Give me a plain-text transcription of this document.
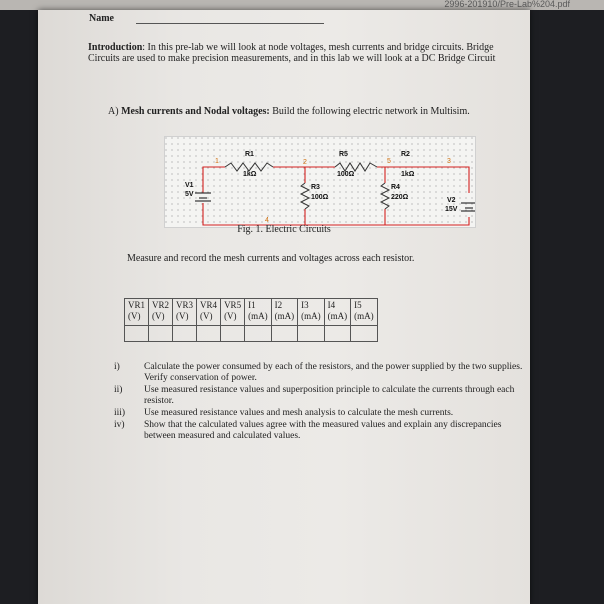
2996-201910/Pre-Lab%204.pdf
Name
Introduction: In this pre-lab we will look at node voltages, mesh currents and bridge circuits. Bridge Circuits are used to make precision measurements, and in this lab we will look at a DC Bridge Circuit
A) Mesh currents and Nodal voltages: Build the following electric network in Multisim.
1	2	5	3
4
R1
1kΩ
R5
100Ω
R2
1kΩ
R3
100Ω
R4
220Ω
V1
5V
V2
15V
Fig. 1. Electric Circuits
Measure and record the mesh currents and voltages across each resistor.
VR1
(V)	VR2
(V)	VR3
(V)	VR4
(V)	VR5
(V)	I1
(mA)	I2
(mA)	I3
(mA)	I4
(mA)	I5
(mA)

i)	Calculate the power consumed by each of the resistors, and the power supplied by the two supplies. Verify conservation of power.
ii) Use measured resistance values and superposition principle to calculate the currents through each resistor.
iii) Use measured resistance values and mesh analysis to calculate the mesh currents.
iv) Show that the calculated values agree with the measured values and explain any discrepancies between measured and calculated values.
